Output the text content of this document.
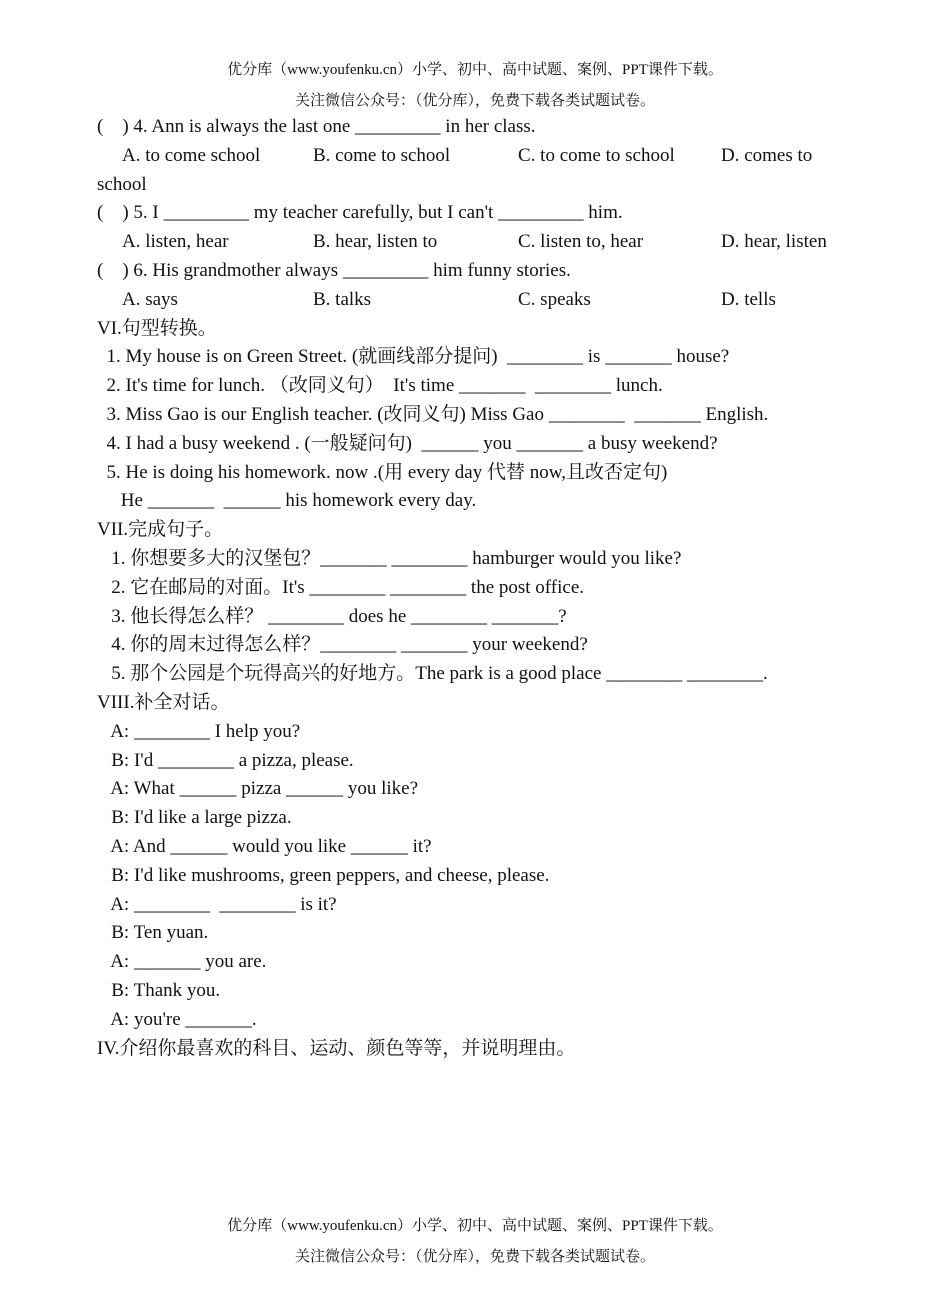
优分库（www.youfenku.cn）小学、初中、高中试题、案例、PPT课件下载。
关注微信公众号：（优分库），免费下载各类试题试卷。
(    ) 4. Ann is always the last one _________ in her class.
A. to come school	B. come to school	C. to come to school D. comes to
school
(    ) 5. I _________ my teacher carefully, but I can't _________ him.
A. listen, hear	B. hear, listen to	C. listen to, hear	D. hear, listen
(    ) 6. His grandmother always _________ him funny stories.
A. says	B. talks	C. speaks	D. tells
VI.句型转换。
1. My house is on Green Street. (就画线部分提问)  ________ is _______ house?
2. It's time for lunch. （改同义句）  It's time _______  ________ lunch.
3. Miss Gao is our English teacher. (改同义句) Miss Gao ________  _______ English.
4. I had a busy weekend . (一般疑问句)  ______ you _______ a busy weekend?
5. He is doing his homework. now .(用 every day 代替 now,且改否定句)
He _______  ______ his homework every day.
VII.完成句子。
1. 你想要多大的汉堡包？_______ ________ hamburger would you like?
2. 它在邮局的对面。It's ________ ________ the post office.
3. 他长得怎么样？ ________ does he ________ _______?
4. 你的周末过得怎么样？________ _______ your weekend?
5. 那个公园是个玩得高兴的好地方。The park is a good place ________ ________.
VIII.补全对话。
A: ________ I help you?
B: I'd ________ a pizza, please.
A: What ______ pizza ______ you like?
B: I'd like a large pizza.
A: And ______ would you like ______ it?
B: I'd like mushrooms, green peppers, and cheese, please.
A: ________  ________ is it?
B: Ten yuan.
A: _______ you are.
B: Thank you.
A: you're _______.
IV.介绍你最喜欢的科目、运动、颜色等等，并说明理由。
优分库（www.youfenku.cn）小学、初中、高中试题、案例、PPT课件下载。
关注微信公众号：（优分库），免费下载各类试题试卷。
